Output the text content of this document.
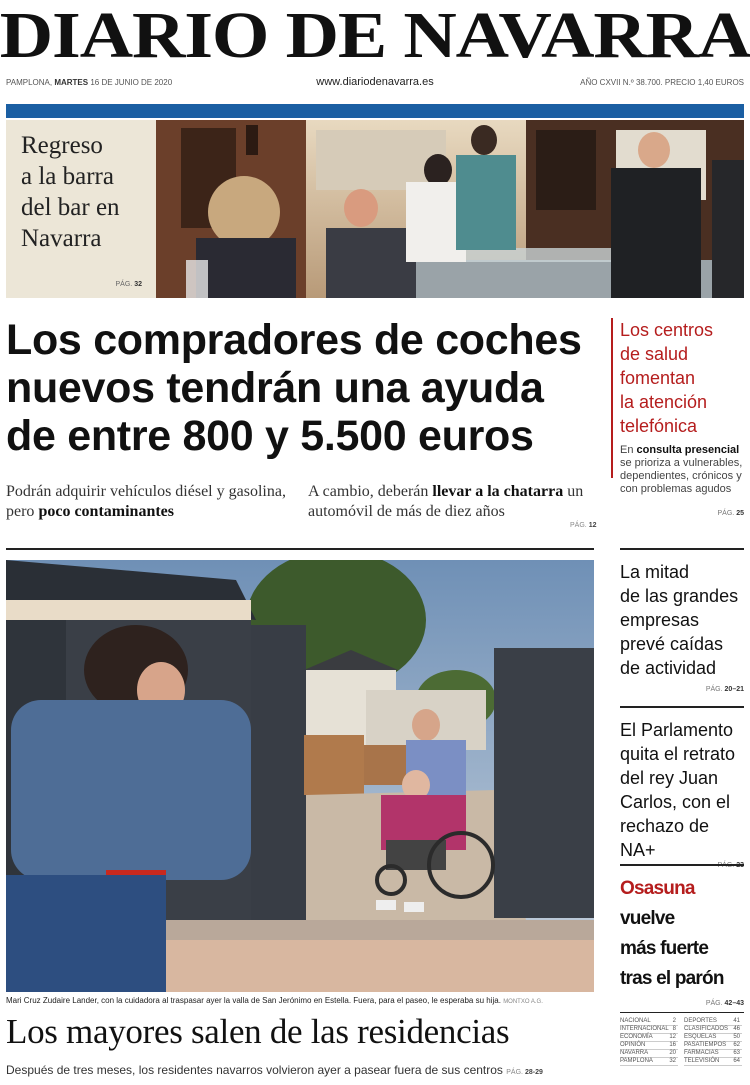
DIARIO DE NAVARRA
PAMPLONA, MARTES 16 DE JUNIO DE 2020	www.diariodenavarra.es	AÑO CXVII N.º 38.700. PRECIO 1,40 EUROS
Regreso
a la barra
del bar en
Navarra
PÁG. 32
Los compradores de coches
nuevos tendrán una ayuda
de entre 800 y 5.500 euros
Podrán adquirir vehículos diésel y gasolina, pero poco contaminantes
A cambio, deberán llevar a la chatarra un automóvil de más de diez años
PÁG. 12
Los centros
de salud
fomentan
la atención
telefónica
En consulta presencial se prioriza a vulnerables, dependientes, crónicos y con problemas agudos
PÁG. 25
La mitad
de las grandes
empresas
prevé caídas
de actividad
PÁG. 20–21
El Parlamento
quita el retrato
del rey Juan
Carlos, con el
rechazo de NA+
Osasuna vuelve
más fuerte
tras el parón
PÁG. 42–43
NACIONAL	2
INTERNACIONAL 8
ECONOMÍA	12
OPINIÓN	16
NAVARRA	20
PAMPLONA	32
DEPORTES	41
CLASIFICADOS 46
ESQUELAS	50
PASATIEMPOS 62
FARMACIAS 63
TELEVISIÓN 64
Mari Cruz Zudaire Lander, con la cuidadora al traspasar ayer la valla de San Jerónimo en Estella. Fuera, para el paseo, le esperaba su hija. MONTXO A.G.
Los mayores salen de las residencias
Después de tres meses, los residentes navarros volvieron ayer a pasear fuera de sus centros PÁG. 28-29
